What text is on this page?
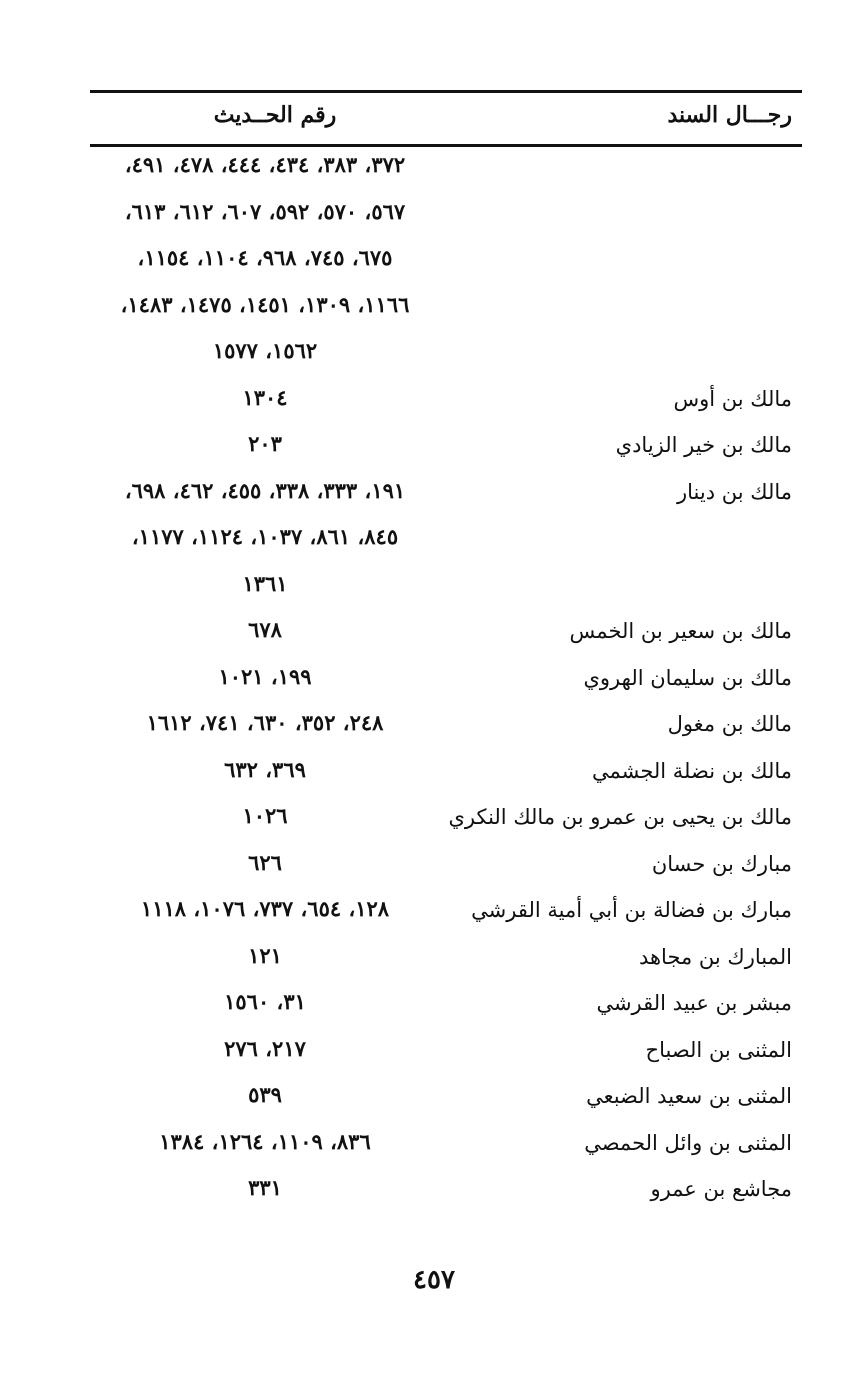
رجـــال السند
رقم الحــديث
٣٧٢، ٣٨٣، ٤٣٤، ٤٤٤، ٤٧٨، ٤٩١،
٥٦٧، ٥٧٠، ٥٩٢، ٦٠٧، ٦١٢، ٦١٣،
٦٧٥، ٧٤٥، ٩٦٨، ١١٠٤، ١١٥٤،
١١٦٦، ١٣٠٩، ١٤٥١، ١٤٧٥، ١٤٨٣،
١٥٦٢، ١٥٧٧
مالك بن أوس
١٣٠٤
مالك بن خير الزيادي
٢٠٣
مالك بن دينار
١٩١، ٣٣٣، ٣٣٨، ٤٥٥، ٤٦٢، ٦٩٨،
٨٤٥، ٨٦١، ١٠٣٧، ١١٢٤، ١١٧٧،
١٣٦١
مالك بن سعير بن الخمس
٦٧٨
مالك بن سليمان الهروي
١٩٩، ١٠٢١
مالك بن مغول
٢٤٨، ٣٥٢، ٦٣٠، ٧٤١، ١٦١٢
مالك بن نضلة الجشمي
٣٦٩، ٦٣٢
مالك بن يحيى بن عمرو بن مالك النكري
١٠٢٦
مبارك بن حسان
٦٢٦
مبارك بن فضالة بن أبي أمية القرشي
١٢٨، ٦٥٤، ٧٣٧، ١٠٧٦، ١١١٨
المبارك بن مجاهد
١٢١
مبشر بن عبيد القرشي
٣١، ١٥٦٠
المثنى بن الصباح
٢١٧، ٢٧٦
المثنى بن سعيد الضبعي
٥٣٩
المثنى بن وائل الحمصي
٨٣٦، ١١٠٩، ١٢٦٤، ١٣٨٤
مجاشع بن عمرو
٣٣١
٤٥٧
